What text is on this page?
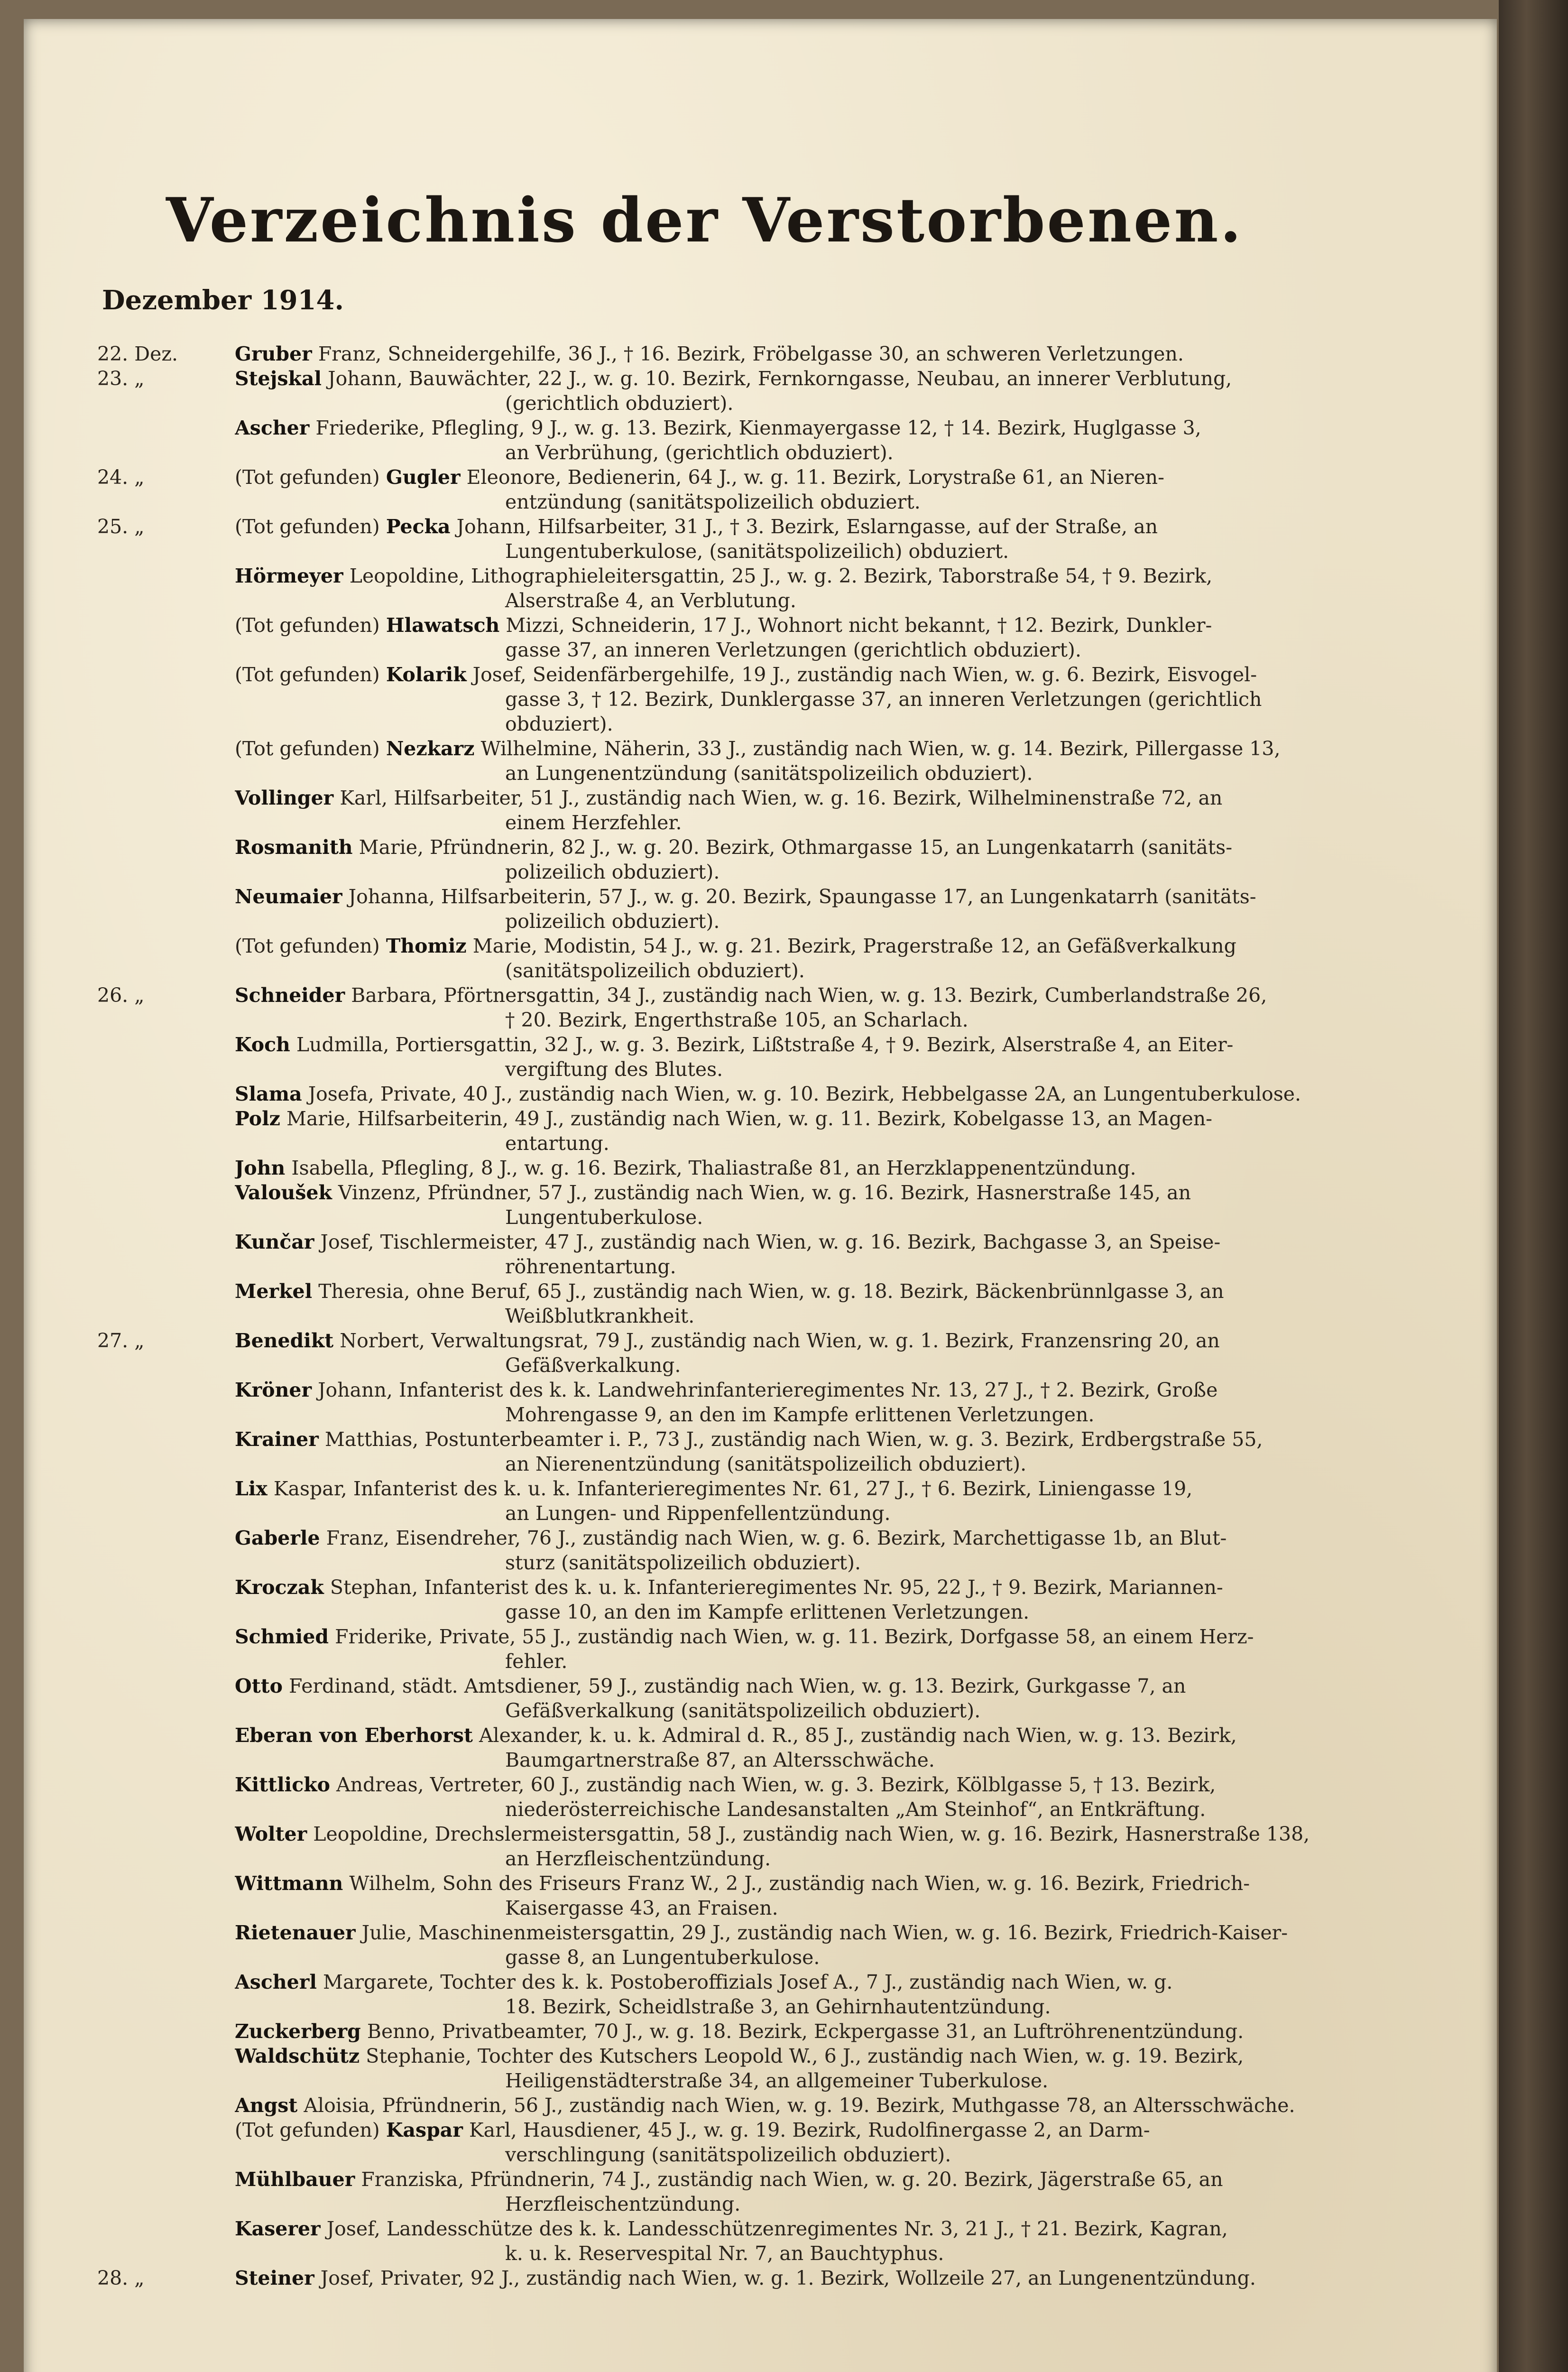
Verzeichnis der Verstorbenen.
Dezember 1914.
22. Dez.	Gruber Franz, Schneidergehilfe, 36 J., † 16. Bezirk, Fröbelgasse 30, an schweren Verletzungen.
23. „	Stejskal Johann, Bauwächter, 22 J., w. g. 10. Bezirk, Fernkorngasse, Neubau, an innerer Verblutung,
(gerichtlich obduziert).
Ascher Friederike, Pflegling, 9 J., w. g. 13. Bezirk, Kienmayergasse 12, † 14. Bezirk, Huglgasse 3,
an Verbrühung, (gerichtlich obduziert).
24. „	(Tot gefunden) Gugler Eleonore, Bedienerin, 64 J., w. g. 11. Bezirk, Lorystraße 61, an Nieren-
entzündung (sanitätspolizeilich obduziert.
25. „	(Tot gefunden) Pecka Johann, Hilfsarbeiter, 31 J., † 3. Bezirk, Eslarngasse, auf der Straße, an
Lungentuberkulose, (sanitätspolizeilich) obduziert.
Hörmeyer Leopoldine, Lithographieleitersgattin, 25 J., w. g. 2. Bezirk, Taborstraße 54, † 9. Bezirk,
Alserstraße 4, an Verblutung.
(Tot gefunden) Hlawatsch Mizzi, Schneiderin, 17 J., Wohnort nicht bekannt, † 12. Bezirk, Dunkler-
gasse 37, an inneren Verletzungen (gerichtlich obduziert).
(Tot gefunden) Kolarik Josef, Seidenfärbergehilfe, 19 J., zuständig nach Wien, w. g. 6. Bezirk, Eisvogel-
gasse 3, † 12. Bezirk, Dunklergasse 37, an inneren Verletzungen (gerichtlich
obduziert).
(Tot gefunden) Nezkarz Wilhelmine, Näherin, 33 J., zuständig nach Wien, w. g. 14. Bezirk, Pillergasse 13,
an Lungenentzündung (sanitätspolizeilich obduziert).
Vollinger Karl, Hilfsarbeiter, 51 J., zuständig nach Wien, w. g. 16. Bezirk, Wilhelminenstraße 72, an
einem Herzfehler.
Rosmanith Marie, Pfründnerin, 82 J., w. g. 20. Bezirk, Othmargasse 15, an Lungenkatarrh (sanitäts-
polizeilich obduziert).
Neumaier Johanna, Hilfsarbeiterin, 57 J., w. g. 20. Bezirk, Spaungasse 17, an Lungenkatarrh (sanitäts-
polizeilich obduziert).
(Tot gefunden) Thomiz Marie, Modistin, 54 J., w. g. 21. Bezirk, Pragerstraße 12, an Gefäßverkalkung
(sanitätspolizeilich obduziert).
26. „	Schneider Barbara, Pförtnersgattin, 34 J., zuständig nach Wien, w. g. 13. Bezirk, Cumberlandstraße 26,
† 20. Bezirk, Engerthstraße 105, an Scharlach.
Koch Ludmilla, Portiersgattin, 32 J., w. g. 3. Bezirk, Lißtstraße 4, † 9. Bezirk, Alserstraße 4, an Eiter-
vergiftung des Blutes.
Slama Josefa, Private, 40 J., zuständig nach Wien, w. g. 10. Bezirk, Hebbelgasse 2A, an Lungentuberkulose.
Polz Marie, Hilfsarbeiterin, 49 J., zuständig nach Wien, w. g. 11. Bezirk, Kobelgasse 13, an Magen-
entartung.
John Isabella, Pflegling, 8 J., w. g. 16. Bezirk, Thaliastraße 81, an Herzklappenentzündung.
Valoušek Vinzenz, Pfründner, 57 J., zuständig nach Wien, w. g. 16. Bezirk, Hasnerstraße 145, an
Lungentuberkulose.
Kunčar Josef, Tischlermeister, 47 J., zuständig nach Wien, w. g. 16. Bezirk, Bachgasse 3, an Speise-
röhrenentartung.
Merkel Theresia, ohne Beruf, 65 J., zuständig nach Wien, w. g. 18. Bezirk, Bäckenbrünnlgasse 3, an
Weißblutkrankheit.
27. „	Benedikt Norbert, Verwaltungsrat, 79 J., zuständig nach Wien, w. g. 1. Bezirk, Franzensring 20, an
Gefäßverkalkung.
Kröner Johann, Infanterist des k. k. Landwehrinfanterieregimentes Nr. 13, 27 J., † 2. Bezirk, Große
Mohrengasse 9, an den im Kampfe erlittenen Verletzungen.
Krainer Matthias, Postunterbeamter i. P., 73 J., zuständig nach Wien, w. g. 3. Bezirk, Erdbergstraße 55,
an Nierenentzündung (sanitätspolizeilich obduziert).
Lix Kaspar, Infanterist des k. u. k. Infanterieregimentes Nr. 61, 27 J., † 6. Bezirk, Liniengasse 19,
an Lungen- und Rippenfellentzündung.
Gaberle Franz, Eisendreher, 76 J., zuständig nach Wien, w. g. 6. Bezirk, Marchettigasse 1b, an Blut-
sturz (sanitätspolizeilich obduziert).
Kroczak Stephan, Infanterist des k. u. k. Infanterieregimentes Nr. 95, 22 J., † 9. Bezirk, Mariannen-
gasse 10, an den im Kampfe erlittenen Verletzungen.
Schmied Friderike, Private, 55 J., zuständig nach Wien, w. g. 11. Bezirk, Dorfgasse 58, an einem Herz-
fehler.
Otto Ferdinand, städt. Amtsdiener, 59 J., zuständig nach Wien, w. g. 13. Bezirk, Gurkgasse 7, an
Gefäßverkalkung (sanitätspolizeilich obduziert).
Eberan von Eberhorst Alexander, k. u. k. Admiral d. R., 85 J., zuständig nach Wien, w. g. 13. Bezirk,
Baumgartnerstraße 87, an Altersschwäche.
Kittlicko Andreas, Vertreter, 60 J., zuständig nach Wien, w. g. 3. Bezirk, Kölblgasse 5, † 13. Bezirk,
niederösterreichische Landesanstalten „Am Steinhof“, an Entkräftung.
Wolter Leopoldine, Drechslermeistersgattin, 58 J., zuständig nach Wien, w. g. 16. Bezirk, Hasnerstraße 138,
an Herzfleischentzündung.
Wittmann Wilhelm, Sohn des Friseurs Franz W., 2 J., zuständig nach Wien, w. g. 16. Bezirk, Friedrich-
Kaisergasse 43, an Fraisen.
Rietenauer Julie, Maschinenmeistersgattin, 29 J., zuständig nach Wien, w. g. 16. Bezirk, Friedrich-Kaiser-
gasse 8, an Lungentuberkulose.
Ascherl Margarete, Tochter des k. k. Postoberoffizials Josef A., 7 J., zuständig nach Wien, w. g.
18. Bezirk, Scheidlstraße 3, an Gehirnhautentzündung.
Zuckerberg Benno, Privatbeamter, 70 J., w. g. 18. Bezirk, Eckpergasse 31, an Luftröhrenentzündung.
Waldschütz Stephanie, Tochter des Kutschers Leopold W., 6 J., zuständig nach Wien, w. g. 19. Bezirk,
Heiligenstädterstraße 34, an allgemeiner Tuberkulose.
Angst Aloisia, Pfründnerin, 56 J., zuständig nach Wien, w. g. 19. Bezirk, Muthgasse 78, an Altersschwäche.
(Tot gefunden) Kaspar Karl, Hausdiener, 45 J., w. g. 19. Bezirk, Rudolfinergasse 2, an Darm-
verschlingung (sanitätspolizeilich obduziert).
Mühlbauer Franziska, Pfründnerin, 74 J., zuständig nach Wien, w. g. 20. Bezirk, Jägerstraße 65, an
Herzfleischentzündung.
Kaserer Josef, Landesschütze des k. k. Landesschützenregimentes Nr. 3, 21 J., † 21. Bezirk, Kagran,
k. u. k. Reservespital Nr. 7, an Bauchtyphus.
28. „	Steiner Josef, Privater, 92 J., zuständig nach Wien, w. g. 1. Bezirk, Wollzeile 27, an Lungenentzündung.
